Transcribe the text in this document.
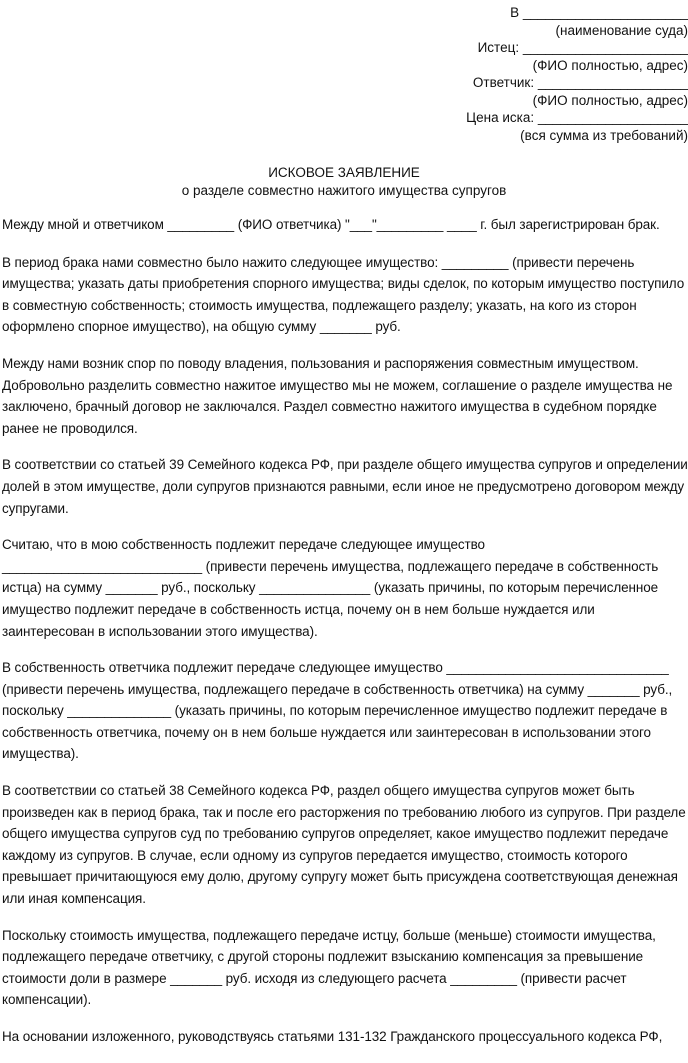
В ______________________
(наименование суда)
Истец: ______________________
(ФИО полностью, адрес)
Ответчик: ____________________
(ФИО полностью, адрес)
Цена иска: ____________________
(вся сумма из требований)
ИСКОВОЕ ЗАЯВЛЕНИЕ
о разделе совместно нажитого имущества супругов

Между мной и ответчиком _________ (ФИО ответчика) "___"_________ ____ г. был зарегистрирован брак.

В период брака нами совместно было нажито следующее имущество: _________ (привести перечень имущества; указать даты приобретения спорного имущества; виды сделок, по которым имущество поступило в совместную собственность; стоимость имущества, подлежащего разделу; указать, на кого из сторон оформлено спорное имущество), на общую сумму _______ руб.

Между нами возник спор по поводу владения, пользования и распоряжения совместным имуществом. Добровольно разделить совместно нажитое имущество мы не можем, соглашение о разделе имущества не заключено, брачный договор не заключался. Раздел совместно нажитого имущества в судебном порядке ранее не проводился.

В соответствии со статьей 39 Семейного кодекса РФ, при разделе общего имущества супругов и определении долей в этом имуществе, доли супругов признаются равными, если иное не предусмотрено договором между супругами.

Считаю, что в мою собственность подлежит передаче следующее имущество ___________________________ (привести перечень имущества, подлежащего передаче в собственность истца) на сумму _______ руб., поскольку _______________ (указать причины, по которым перечисленное имущество подлежит передаче в собственность истца, почему он в нем больше нуждается или заинтересован в использовании этого имущества).

В собственность ответчика подлежит передаче следующее имущество ______________________________ (привести перечень имущества, подлежащего передаче в собственность ответчика) на сумму _______ руб., поскольку ______________ (указать причины, по которым перечисленное имущество подлежит передаче в собственность ответчика, почему он в нем больше нуждается или заинтересован в использовании этого имущества).

В соответствии со статьей 38 Семейного кодекса РФ, раздел общего имущества супругов может быть произведен как в период брака, так и после его расторжения по требованию любого из супругов. При разделе общего имущества супругов суд по требованию супругов определяет, какое имущество подлежит передаче каждому из супругов. В случае, если одному из супругов передается имущество, стоимость которого превышает причитающуюся ему долю, другому супругу может быть присуждена соответствующая денежная или иная компенсация.

Поскольку стоимость имущества, подлежащего передаче истцу, больше (меньше) стоимости имущества, подлежащего передаче ответчику, с другой стороны подлежит взысканию компенсация за превышение стоимости доли в размере _______ руб. исходя из следующего расчета _________ (привести расчет компенсации).

На основании изложенного, руководствуясь статьями 131-132 Гражданского процессуального кодекса РФ,
